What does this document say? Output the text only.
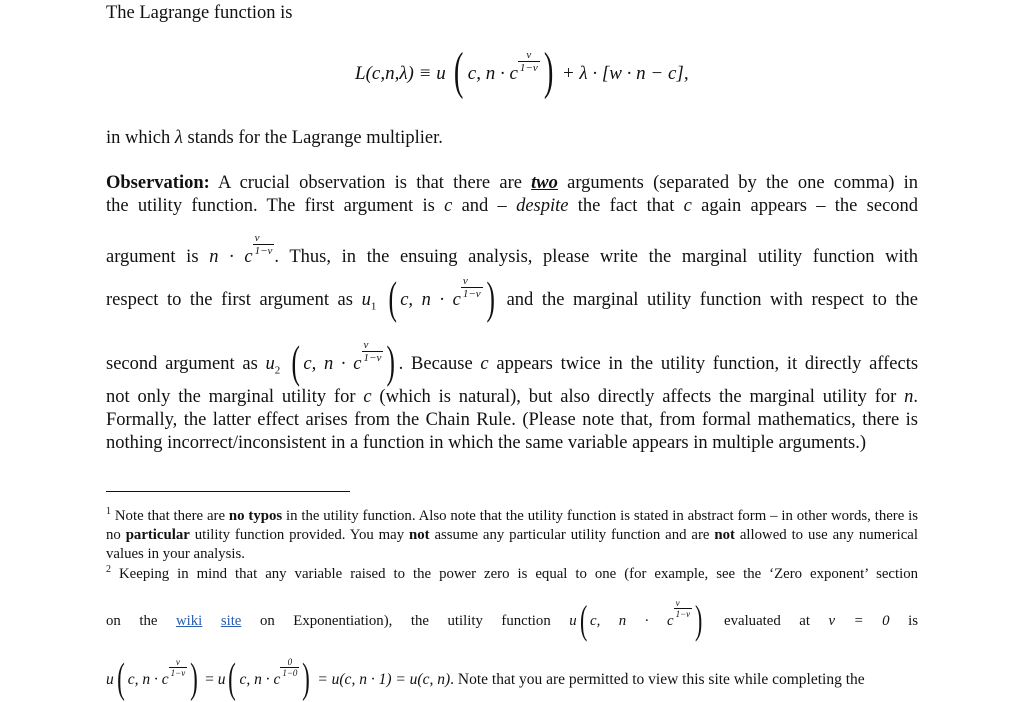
The Lagrange function is
L(c,n,λ) ≡ u ( c, n · c $\frac{\nu}{1-\nu}$ ) + λ · [w · n − c],
in which λ stands for the Lagrange multiplier.
Observation: A crucial observation is that there are two arguments (separated by the one comma) in
the utility function. The first argument is c and – despite the fact that c again appears – the second
argument is n · c $\frac{\nu}{1-\nu}$ . Thus, in the ensuing analysis, please write the marginal utility function with
respect to the first argument as $u_1$ ( c, n · c $\frac{\nu}{1-\nu}$ ) and the marginal utility function with respect to the
second argument as $u_2$ ( c, n · c $\frac{\nu}{1-\nu}$ ) . Because c appears twice in the utility function, it directly affects
not only the marginal utility for c (which is natural), but also directly affects the marginal utility for n. Formally, the latter effect arises from the Chain Rule. (Please note that, from formal mathematics, there is nothing incorrect/inconsistent in a function in which the same variable appears in multiple arguments.)
$^1$ Note that there are no typos in the utility function. Also note that the utility function is stated in abstract form – in other words, there is no particular utility function provided. You may not assume any particular utility function and are not allowed to use any numerical values in your analysis.
$^2$ Keeping in mind that any variable raised to the power zero is equal to one (for example, see the ‘Zero exponent’ section
on the wiki site on Exponentiation), the utility function u( c, n · c
$\frac{\nu}{1-\nu}$ ) evaluated at ν = 0 is
u( c, n · c
$\frac{\nu}{1-\nu}$ ) = u( c, n · c
$\frac{0}{1-0}$ ) = u(c, n · 1) = u(c, n). Note that you are permitted to view this site while completing the
